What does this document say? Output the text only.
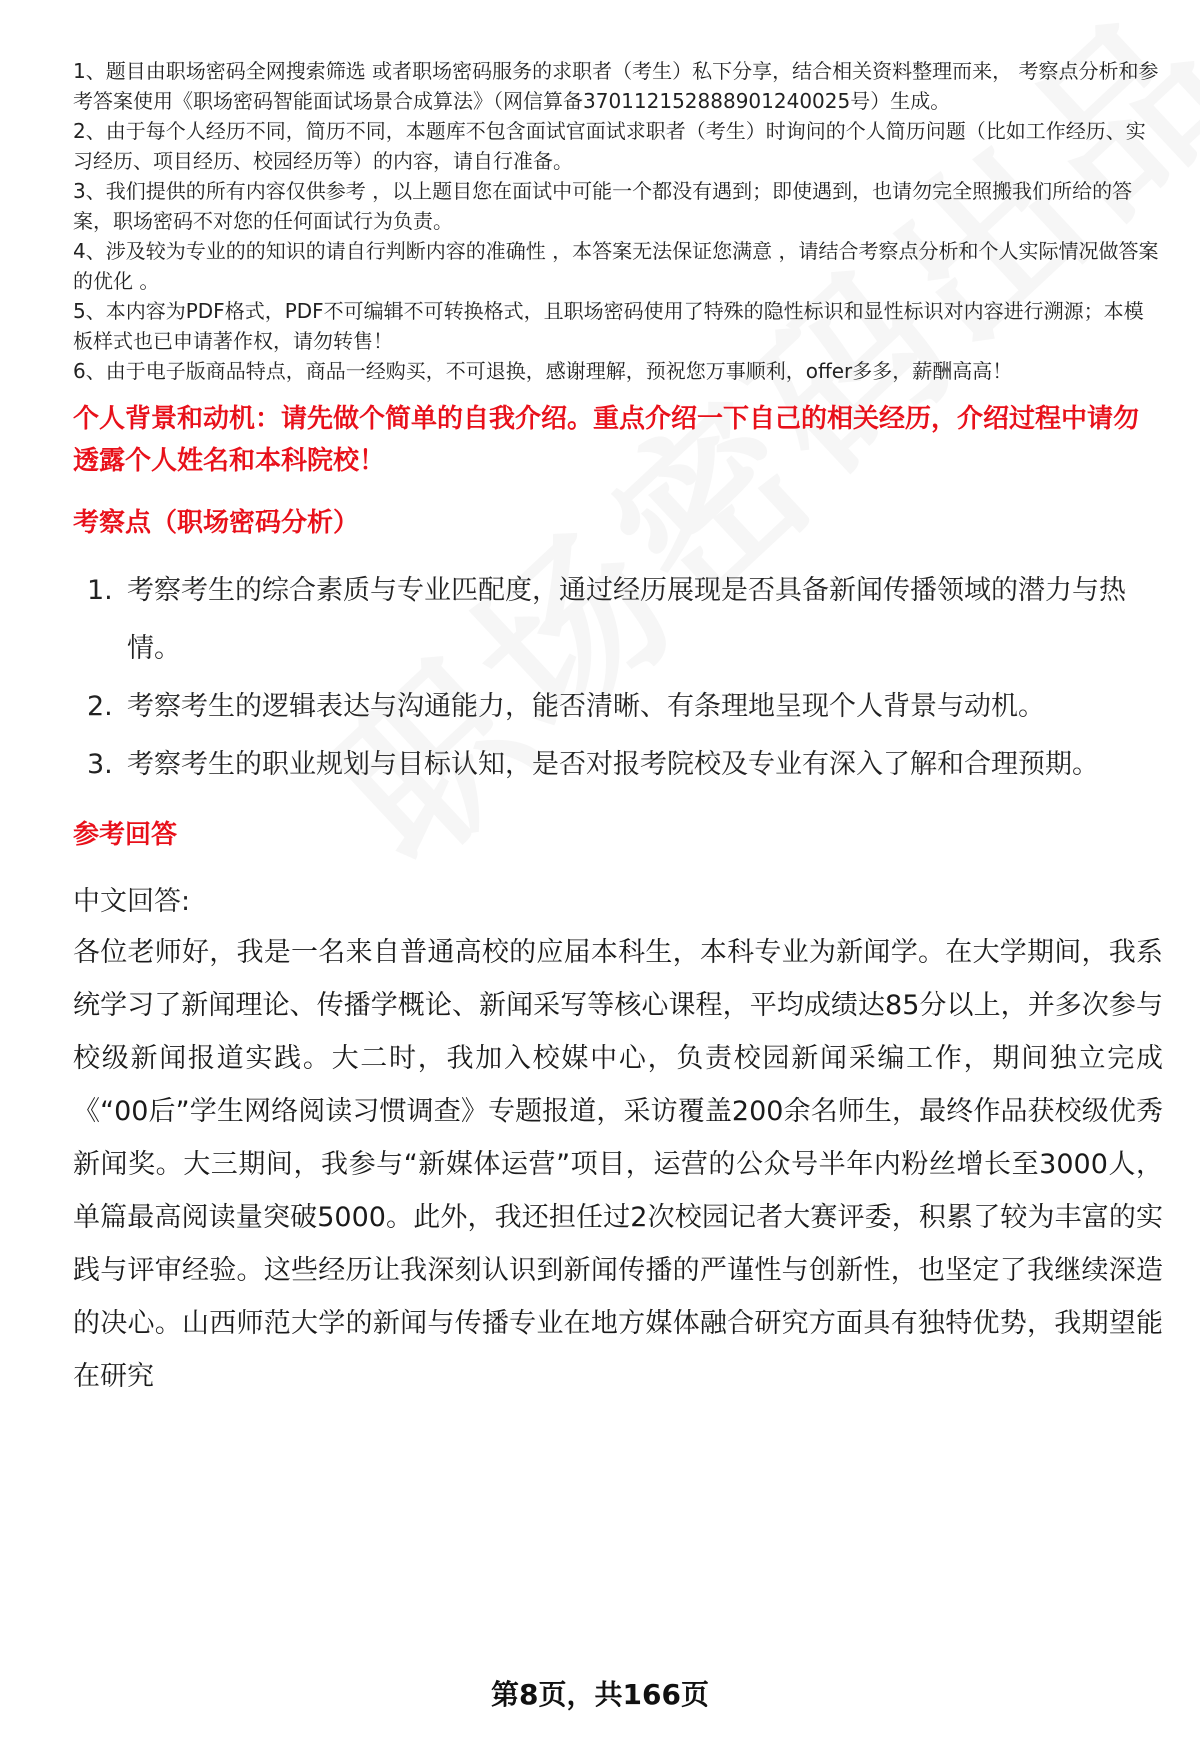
1、题目由职场密码全网搜索筛选 或者职场密码服务的求职者（考生）私下分享，结合相关资料整理而来， 考察点分析和参考答案使用《职场密码智能面试场景合成算法》（网信算备370112152888901240025号）生成。

2、由于每个人经历不同，简历不同，本题库不包含面试官面试求职者（考生）时询问的个人简历问题（比如工作经历、实习经历、项目经历、校园经历等）的内容，请自行准备。

3、我们提供的所有内容仅供参考 ，以上题目您在面试中可能一个都没有遇到；即使遇到，也请勿完全照搬我们所给的答案，职场密码不对您的任何面试行为负责。

4、涉及较为专业的的知识的请自行判断内容的准确性 ，本答案无法保证您满意 ，请结合考察点分析和个人实际情况做答案的优化 。

5、本内容为PDF格式，PDF不可编辑不可转换格式，且职场密码使用了特殊的隐性标识和显性标识对内容进行溯源；本模板样式也已申请著作权，请勿转售！

6、由于电子版商品特点，商品一经购买，不可退换，感谢理解，预祝您万事顺利，offer多多，薪酬高高！

个人背景和动机：请先做个简单的自我介绍。重点介绍一下自己的相关经历，介绍过程中请勿透露个人姓名和本科院校！
考察点（职场密码分析）
1. 考察考生的综合素质与专业匹配度，通过经历展现是否具备新闻传播领域的潜力与热情。
2. 考察考生的逻辑表达与沟通能力，能否清晰、有条理地呈现个人背景与动机。
3. 考察考生的职业规划与目标认知，是否对报考院校及专业有深入了解和合理预期。
参考回答

中文回答:

各位老师好，我是一名来自普通高校的应届本科生，本科专业为新闻学。在大学期间，我系统学习了新闻理论、传播学概论、新闻采写等核心课程，平均成绩达85分以上，并多次参与校级新闻报道实践。大二时，我加入校媒中心，负责校园新闻采编工作，期间独立完成《“00后”学生网络阅读习惯调查》专题报道，采访覆盖200余名师生，最终作品获校级优秀新闻奖。大三期间，我参与“新媒体运营”项目，运营的公众号半年内粉丝增长至3000人，单篇最高阅读量突破5000。此外，我还担任过2次校园记者大赛评委，积累了较为丰富的实践与评审经验。这些经历让我深刻认识到新闻传播的严谨性与创新性，也坚定了我继续深造的决心。山西师范大学的新闻与传播专业在地方媒体融合研究方面具有独特优势，我期望能在研究

第8页，共166页
